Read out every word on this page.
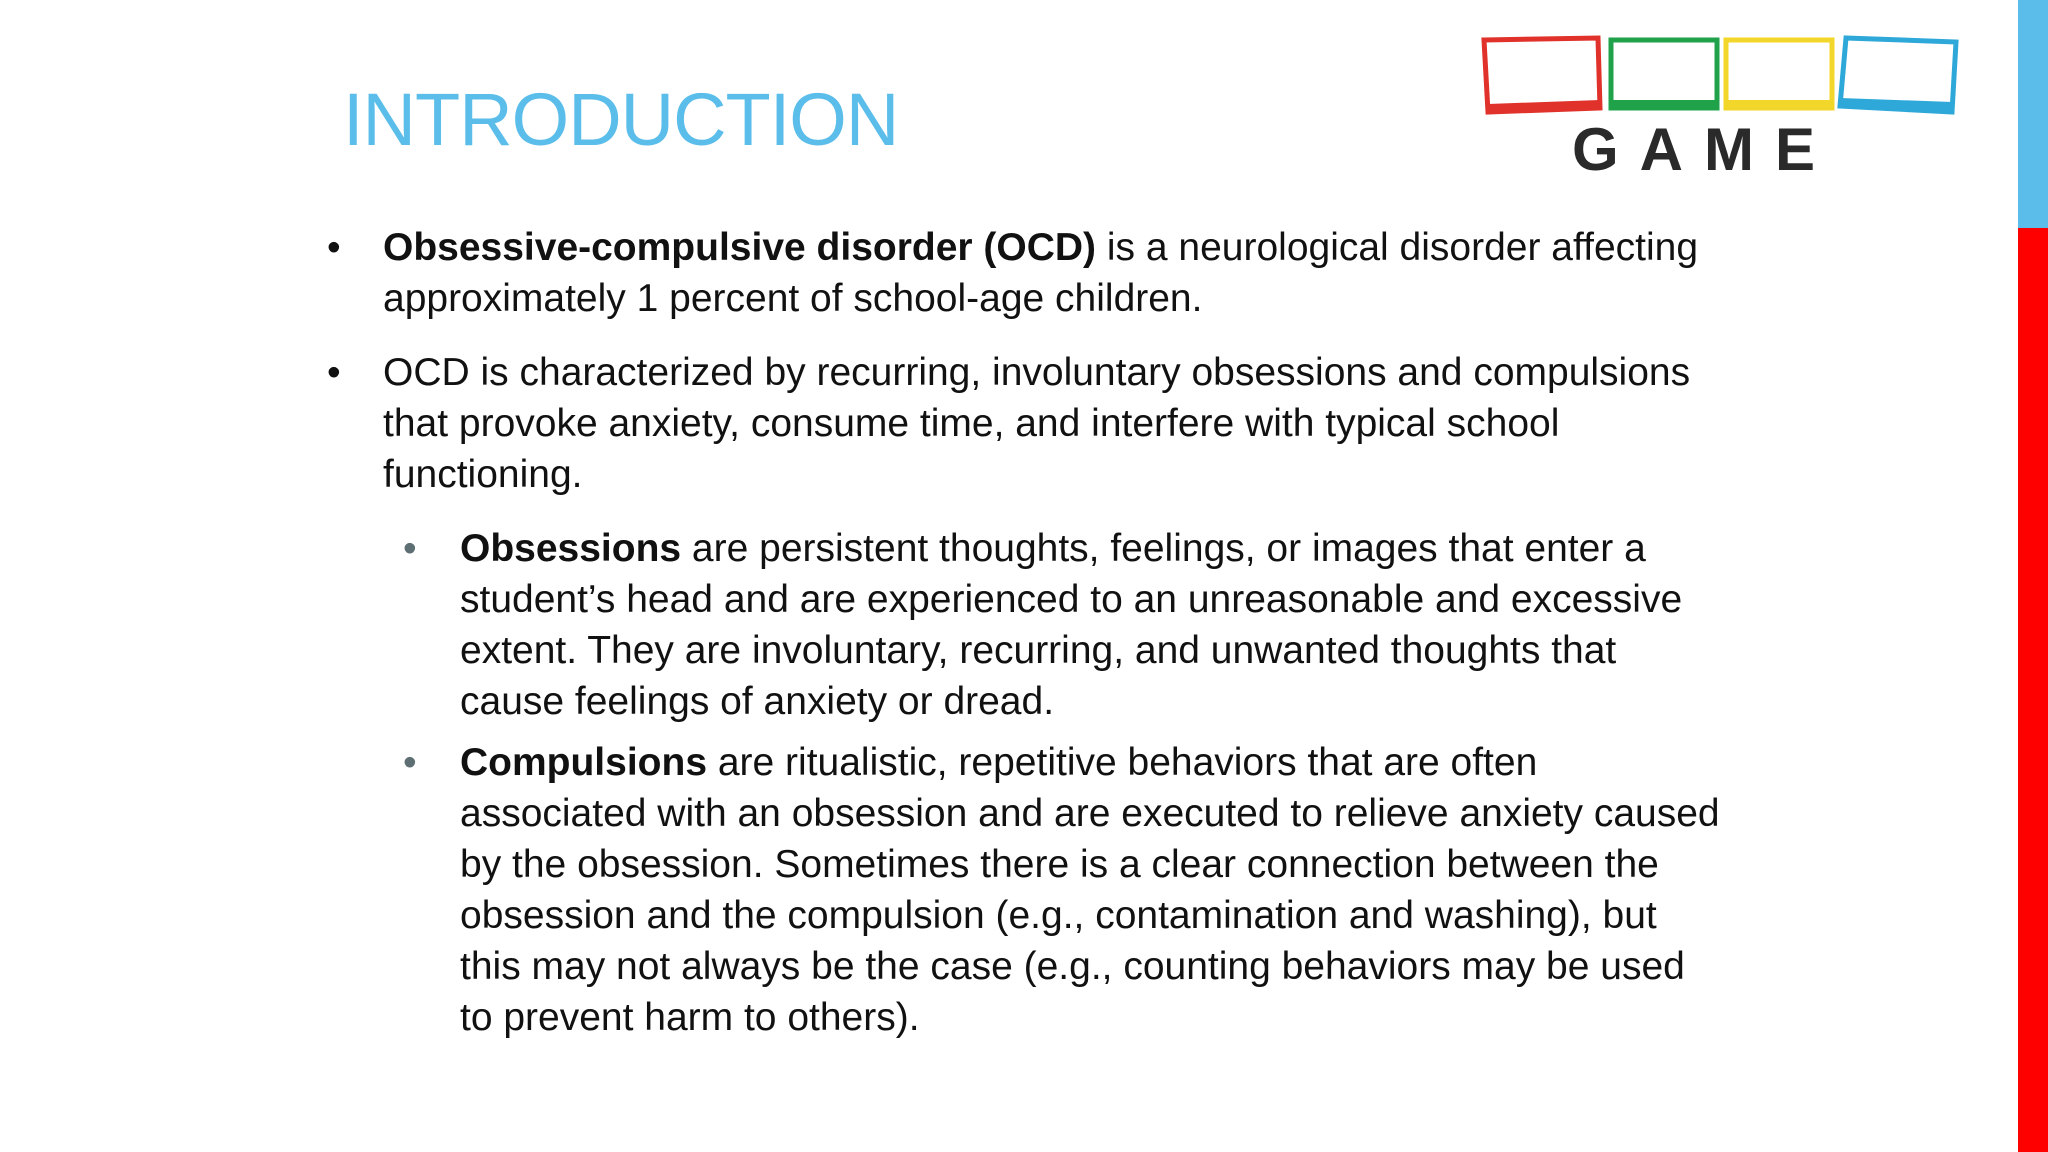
INTRODUCTION	GAME
• Obsessive-compulsive disorder (OCD) is a neurological disorder affecting approximately 1 percent of school-age children.
• OCD is characterized by recurring, involuntary obsessions and compulsions that provoke anxiety, consume time, and interfere with typical school functioning.
• Obsessions are persistent thoughts, feelings, or images that enter a student’s head and are experienced to an unreasonable and excessive extent. They are involuntary, recurring, and unwanted thoughts that cause feelings of anxiety or dread.
• Compulsions are ritualistic, repetitive behaviors that are often associated with an obsession and are executed to relieve anxiety caused by the obsession. Sometimes there is a clear connection between the obsession and the compulsion (e.g., contamination and washing), but this may not always be the case (e.g., counting behaviors may be used to prevent harm to others).
